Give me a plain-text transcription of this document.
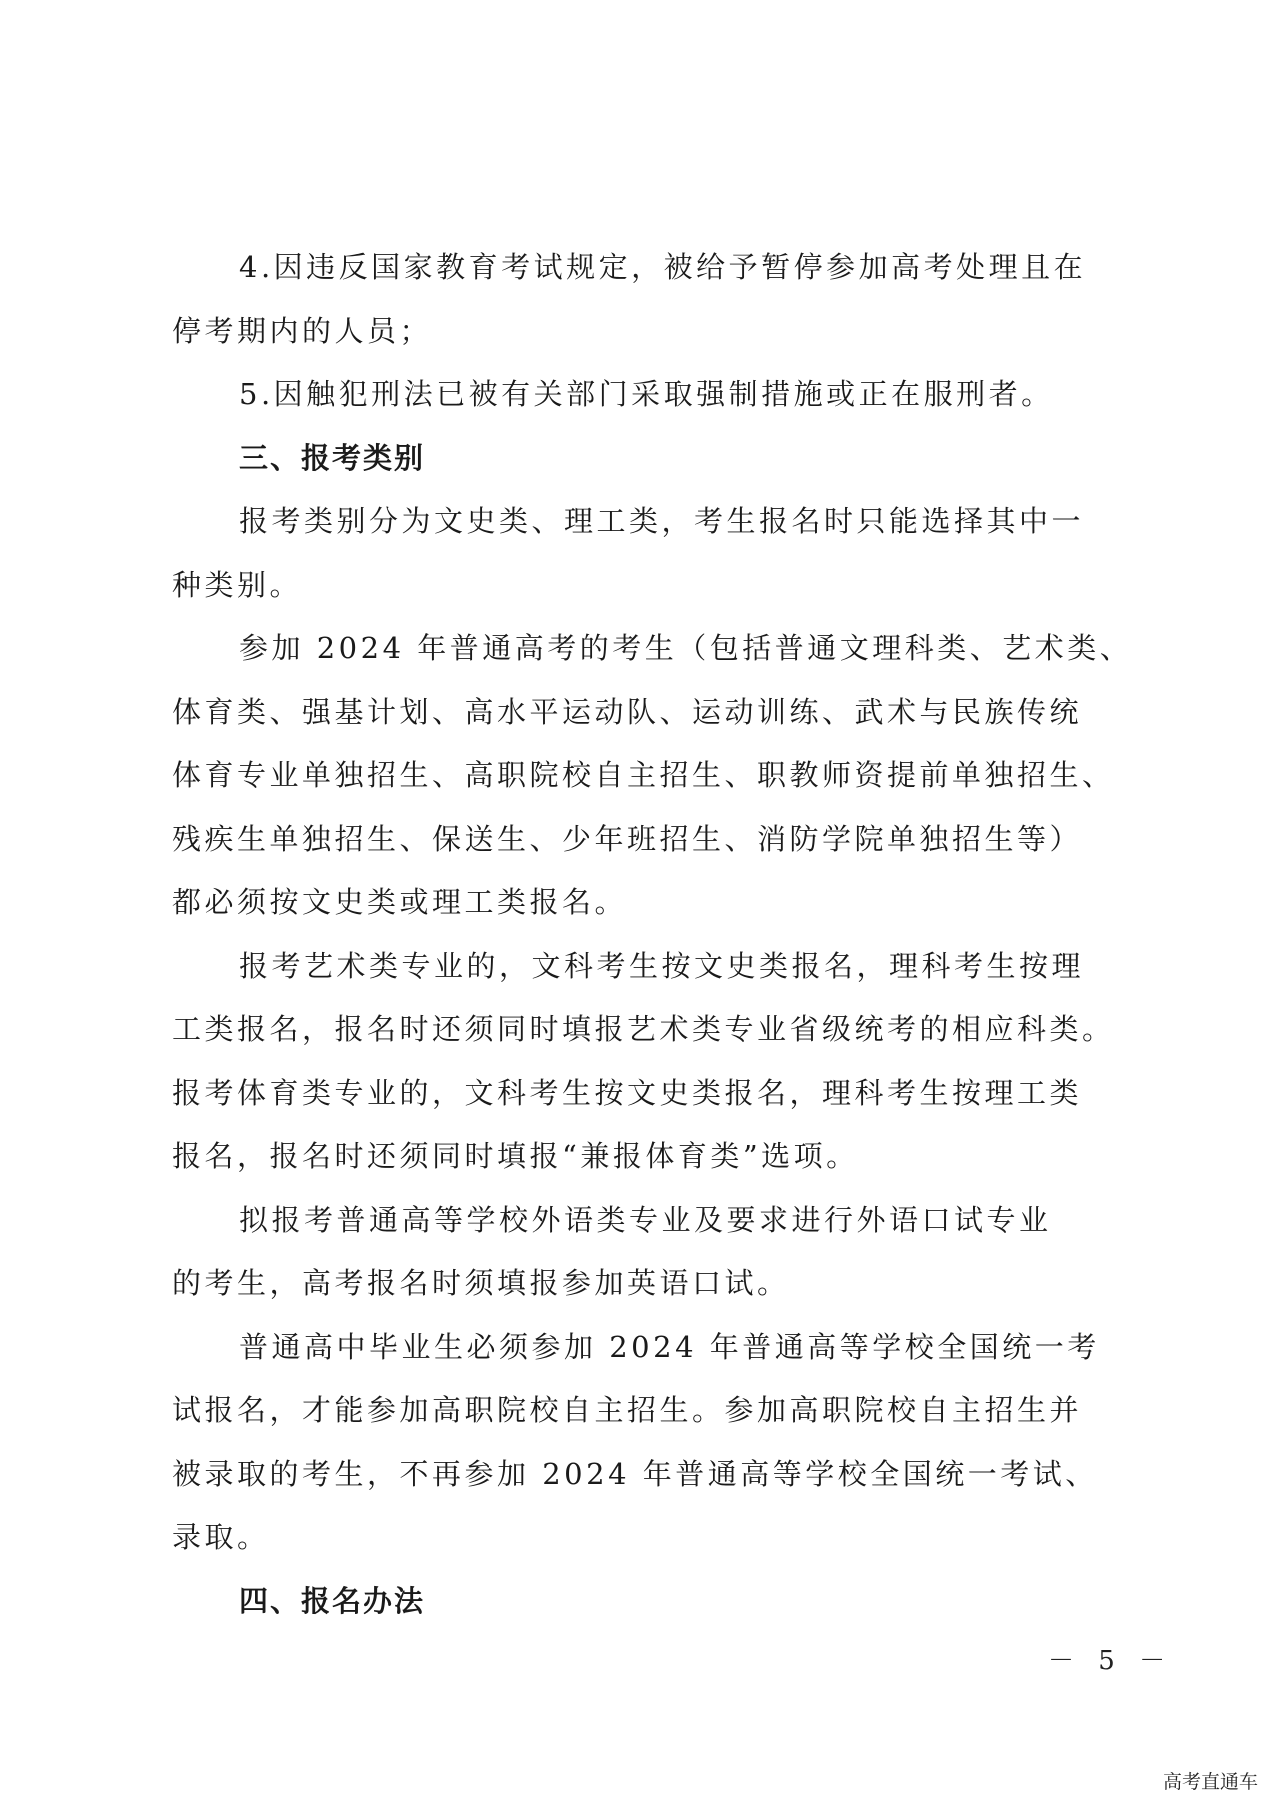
4.因违反国家教育考试规定，被给予暂停参加高考处理且在
停考期内的人员；
5.因触犯刑法已被有关部门采取强制措施或正在服刑者。
三、报考类别
报考类别分为文史类、理工类，考生报名时只能选择其中一
种类别。
参加 2024 年普通高考的考生（包括普通文理科类、艺术类、
体育类、强基计划、高水平运动队、运动训练、武术与民族传统
体育专业单独招生、高职院校自主招生、职教师资提前单独招生、
残疾生单独招生、保送生、少年班招生、消防学院单独招生等）
都必须按文史类或理工类报名。
报考艺术类专业的，文科考生按文史类报名，理科考生按理
工类报名，报名时还须同时填报艺术类专业省级统考的相应科类。
报考体育类专业的，文科考生按文史类报名，理科考生按理工类
报名，报名时还须同时填报“兼报体育类”选项。
拟报考普通高等学校外语类专业及要求进行外语口试专业
的考生，高考报名时须填报参加英语口试。
普通高中毕业生必须参加 2024 年普通高等学校全国统一考
试报名，才能参加高职院校自主招生。参加高职院校自主招生并
被录取的考生，不再参加 2024 年普通高等学校全国统一考试、
录取。
四、报名办法
－ 5 －
高考直通车
